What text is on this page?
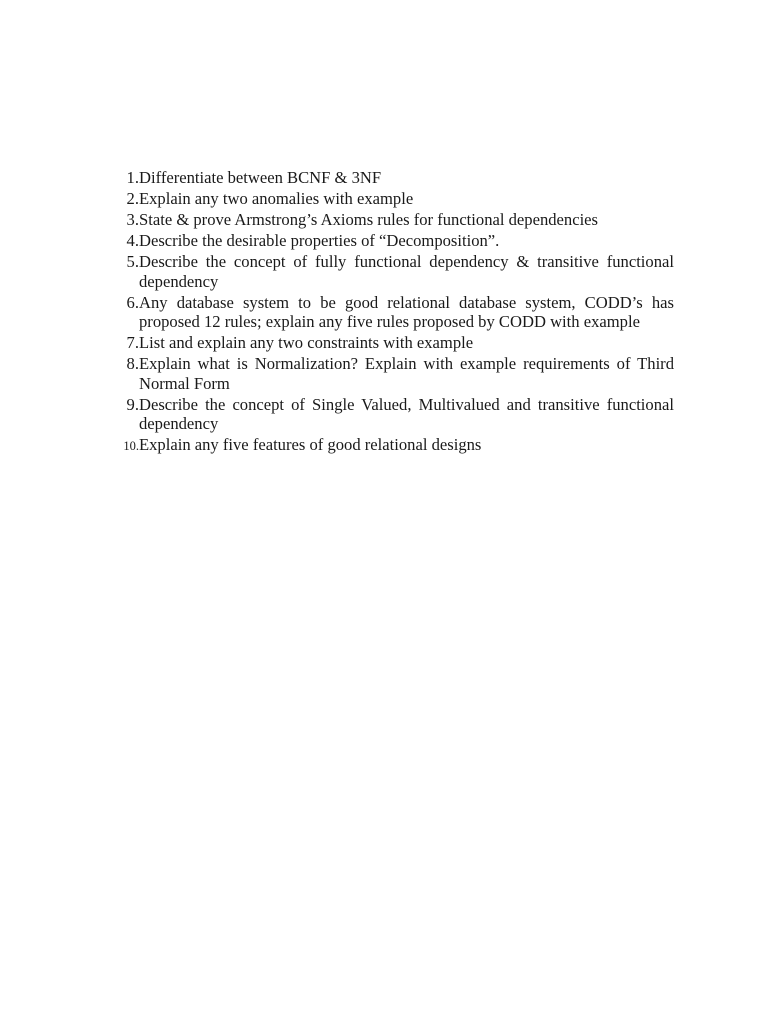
1. Differentiate between BCNF & 3NF
2. Explain any two anomalies with example
3. State & prove Armstrong’s Axioms rules for functional dependencies
4. Describe the desirable properties of “Decomposition”.
5. Describe the concept of fully functional dependency & transitive functional dependency
6. Any database system to be good relational database system, CODD’s has proposed 12 rules; explain any five rules proposed by CODD with example
7. List and explain any two constraints with example
8. Explain what is Normalization? Explain with example requirements of Third Normal Form
9. Describe the concept of Single Valued, Multivalued and transitive functional dependency
10. Explain any five features of good relational designs
